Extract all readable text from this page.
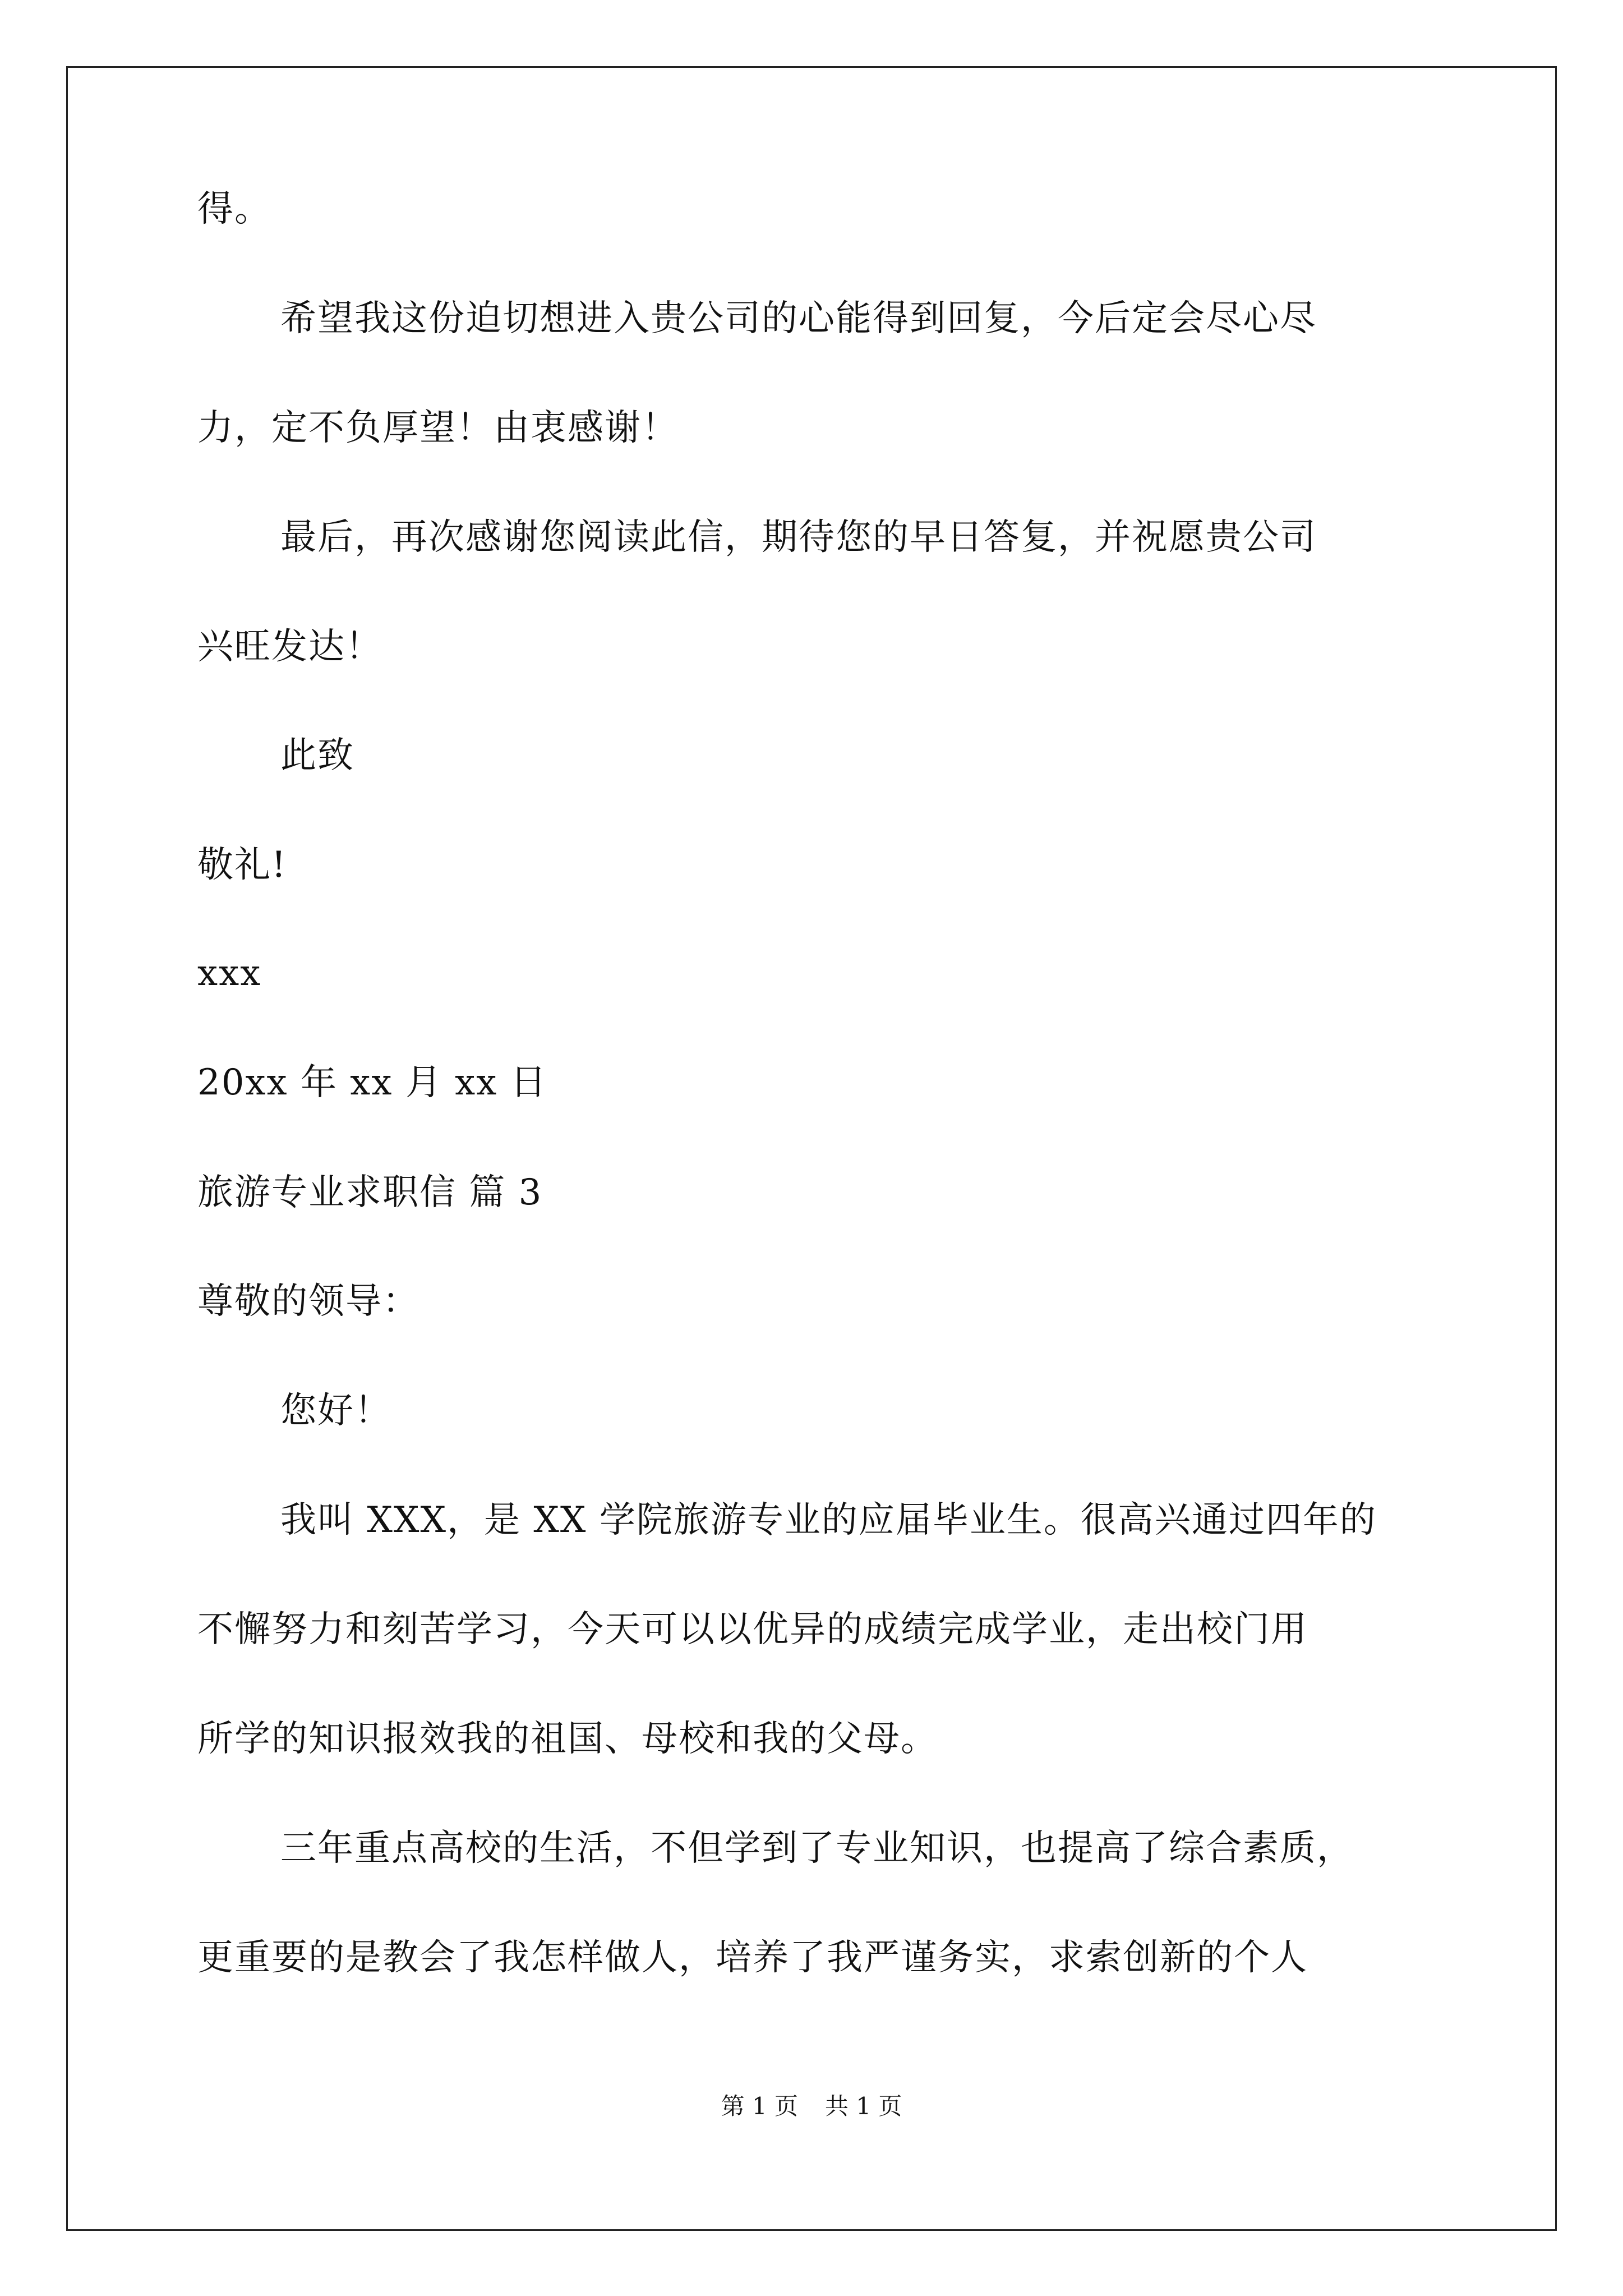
得。
希望我这份迫切想进入贵公司的心能得到回复，今后定会尽心尽
力，定不负厚望！由衷感谢！
最后，再次感谢您阅读此信，期待您的早日答复，并祝愿贵公司
兴旺发达！
此致
敬礼!
xxx
20xx 年 xx 月 xx 日
旅游专业求职信 篇 3
尊敬的领导：
您好！
我叫 XXX，是 XX 学院旅游专业的应届毕业生。很高兴通过四年的
不懈努力和刻苦学习，今天可以以优异的成绩完成学业，走出校门用
所学的知识报效我的祖国、母校和我的父母。
三年重点高校的生活，不但学到了专业知识，也提高了综合素质，
更重要的是教会了我怎样做人，培养了我严谨务实，求索创新的个人
第 1 页 共 1 页
